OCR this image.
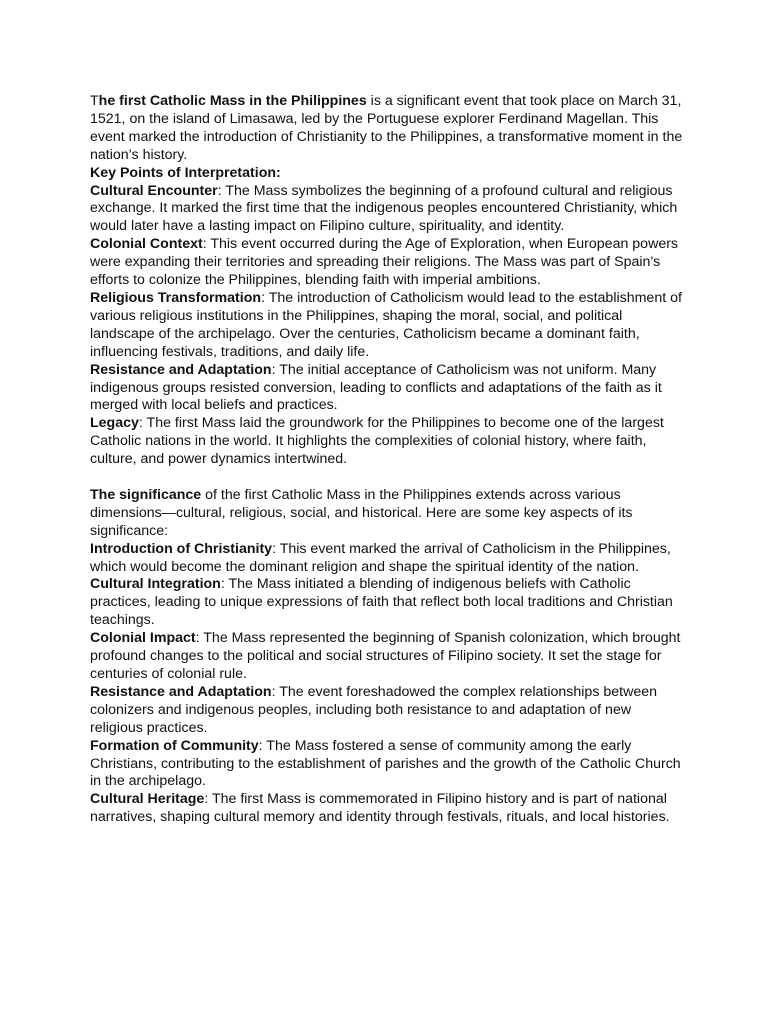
The first Catholic Mass in the Philippines is a significant event that took place on March 31, 1521, on the island of Limasawa, led by the Portuguese explorer Ferdinand Magellan. This event marked the introduction of Christianity to the Philippines, a transformative moment in the nation’s history.

Key Points of Interpretation:

Cultural Encounter: The Mass symbolizes the beginning of a profound cultural and religious exchange. It marked the first time that the indigenous peoples encountered Christianity, which would later have a lasting impact on Filipino culture, spirituality, and identity.

Colonial Context: This event occurred during the Age of Exploration, when European powers were expanding their territories and spreading their religions. The Mass was part of Spain's efforts to colonize the Philippines, blending faith with imperial ambitions.

Religious Transformation: The introduction of Catholicism would lead to the establishment of various religious institutions in the Philippines, shaping the moral, social, and political landscape of the archipelago. Over the centuries, Catholicism became a dominant faith, influencing festivals, traditions, and daily life.

Resistance and Adaptation: The initial acceptance of Catholicism was not uniform. Many indigenous groups resisted conversion, leading to conflicts and adaptations of the faith as it merged with local beliefs and practices.

Legacy: The first Mass laid the groundwork for the Philippines to become one of the largest Catholic nations in the world. It highlights the complexities of colonial history, where faith, culture, and power dynamics intertwined.

The significance of the first Catholic Mass in the Philippines extends across various dimensions—cultural, religious, social, and historical. Here are some key aspects of its significance:

Introduction of Christianity: This event marked the arrival of Catholicism in the Philippines, which would become the dominant religion and shape the spiritual identity of the nation.

Cultural Integration: The Mass initiated a blending of indigenous beliefs with Catholic practices, leading to unique expressions of faith that reflect both local traditions and Christian teachings.

Colonial Impact: The Mass represented the beginning of Spanish colonization, which brought profound changes to the political and social structures of Filipino society. It set the stage for centuries of colonial rule.

Resistance and Adaptation: The event foreshadowed the complex relationships between colonizers and indigenous peoples, including both resistance to and adaptation of new religious practices.

Formation of Community: The Mass fostered a sense of community among the early Christians, contributing to the establishment of parishes and the growth of the Catholic Church in the archipelago.

Cultural Heritage: The first Mass is commemorated in Filipino history and is part of national narratives, shaping cultural memory and identity through festivals, rituals, and local histories.
